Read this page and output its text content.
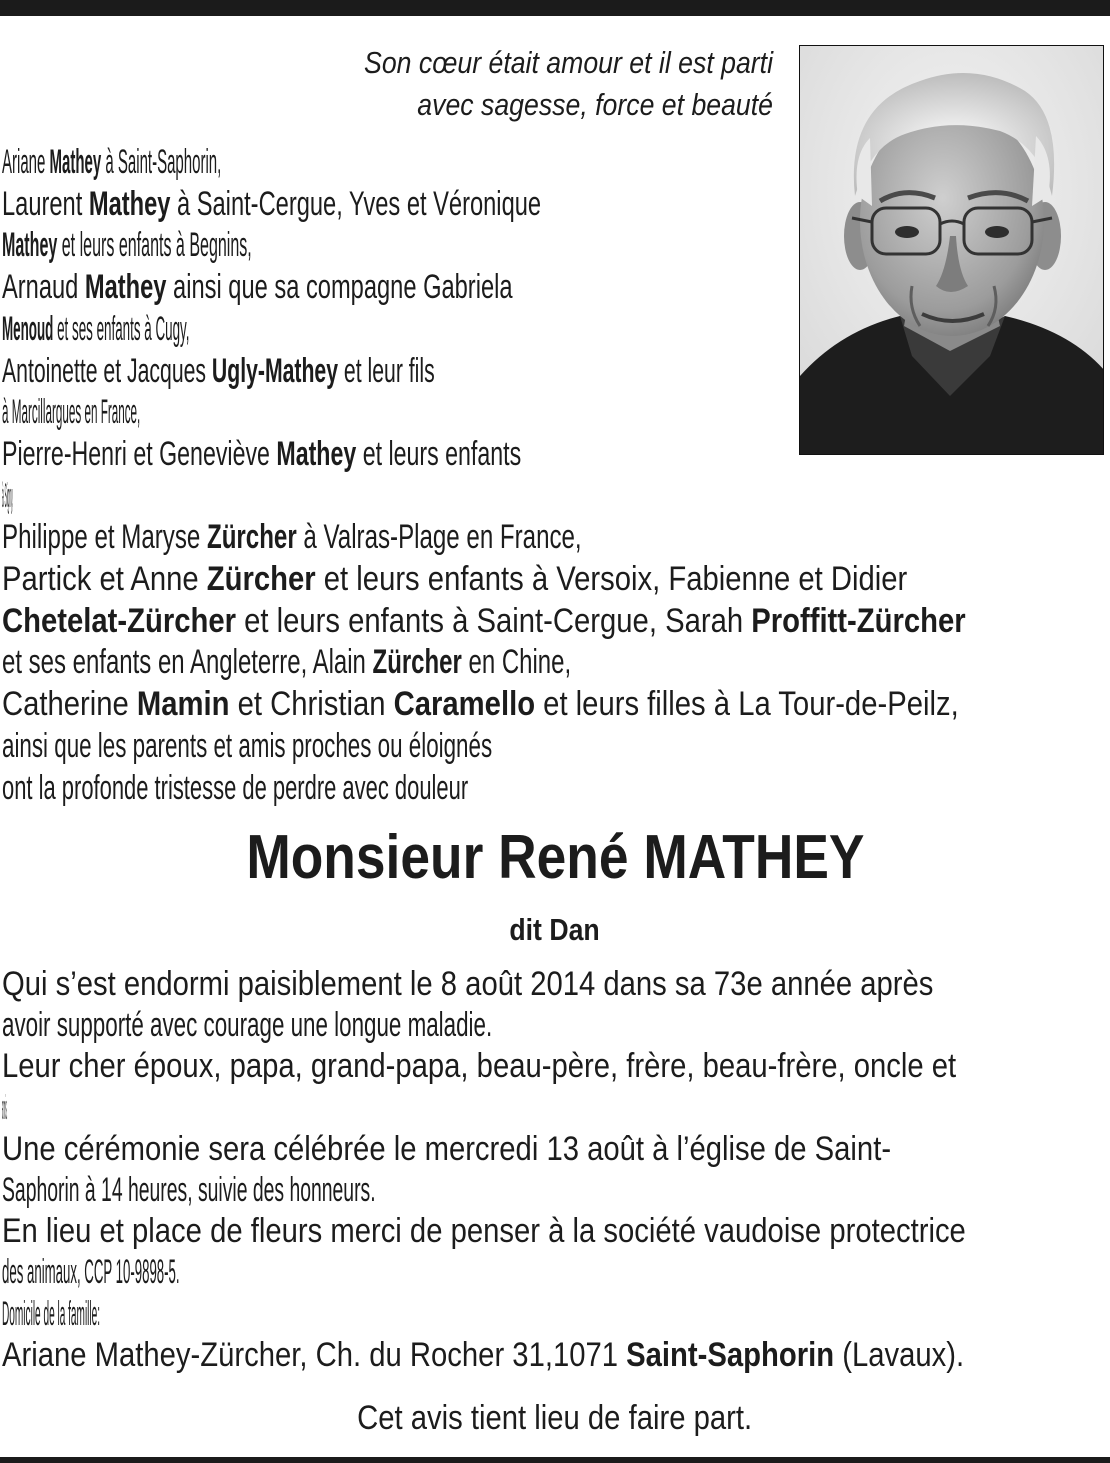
Son cœur était amour et il est parti
avec sagesse, force et beauté
Ariane Mathey à Saint-Saphorin,
Laurent Mathey à Saint-Cergue, Yves et Véronique
Mathey et leurs enfants à Begnins,
Arnaud Mathey ainsi que sa compagne Gabriela
Menoud et ses enfants à Cugy,
Antoinette et Jacques Ugly-Mathey et leur fils
à Marcillargues en France,
Pierre-Henri et Geneviève Mathey et leurs enfants
à Signy,
Philippe et Maryse Zürcher à Valras-Plage en France,
Partick et Anne Zürcher et leurs enfants à Versoix, Fabienne et Didier
Chetelat-Zürcher et leurs enfants à Saint-Cergue, Sarah Proffitt-Zürcher
et ses enfants en Angleterre, Alain Zürcher en Chine,
Catherine Mamin et Christian Caramello et leurs filles à La Tour-de-Peilz,
ainsi que les parents et amis proches ou éloignés
ont la profonde tristesse de perdre avec douleur
Monsieur René MATHEY
dit Dan
Qui s’est endormi paisiblement le 8 août 2014 dans sa 73e année après
avoir supporté avec courage une longue maladie.
Leur cher époux, papa, grand-papa, beau-père, frère, beau-frère, oncle et
amis.
Une cérémonie sera célébrée le mercredi 13 août à l’église de Saint-
Saphorin à 14 heures, suivie des honneurs.
En lieu et place de fleurs merci de penser à la société vaudoise protectrice
des animaux, CCP 10-9898-5.
Domicile de la famille:
Ariane Mathey-Zürcher, Ch. du Rocher 31,1071 Saint-Saphorin (Lavaux).
Cet avis tient lieu de faire part.
